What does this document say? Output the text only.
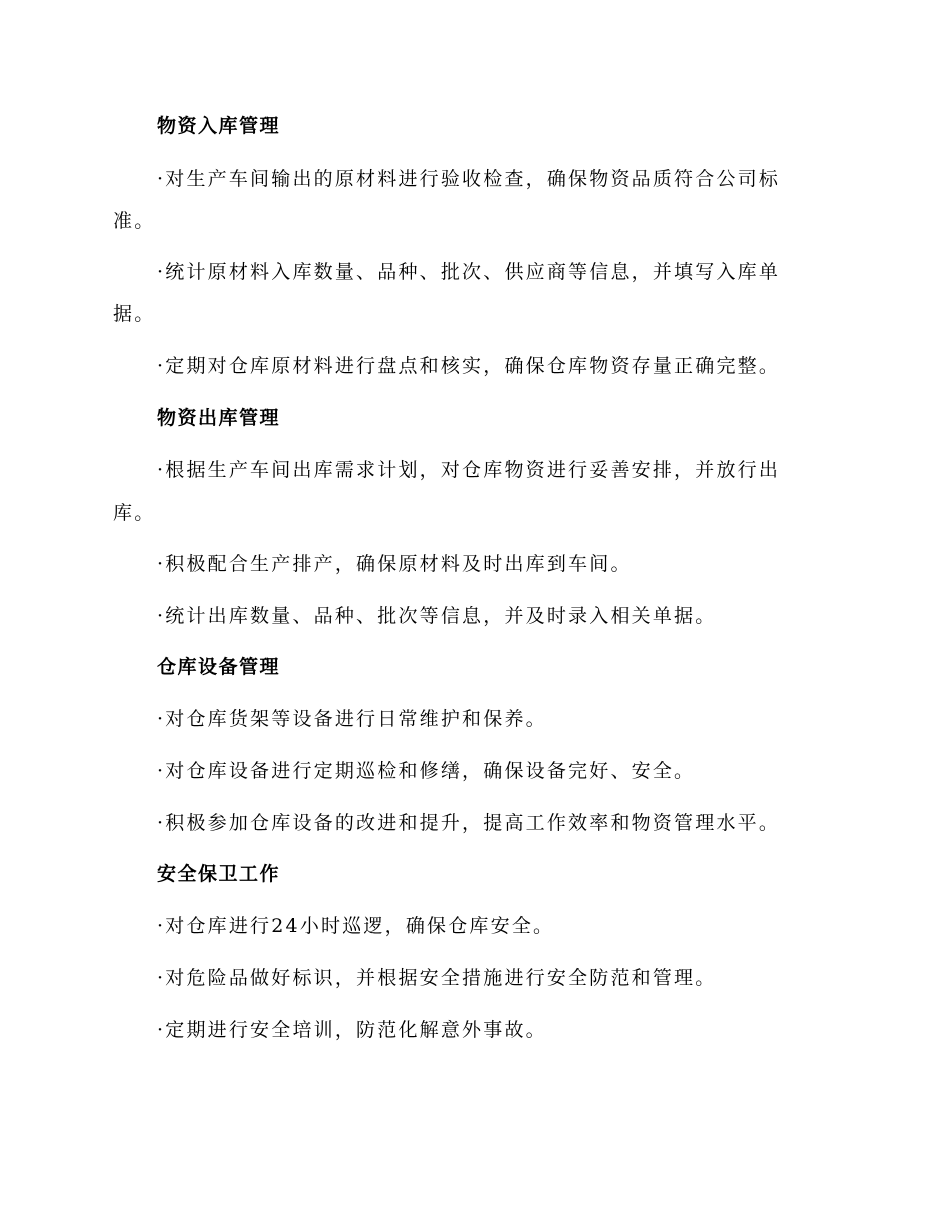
物资入库管理
·对生产车间输出的原材料进行验收检查，确保物资品质符合公司标
准。
·统计原材料入库数量、品种、批次、供应商等信息，并填写入库单
据。
·定期对仓库原材料进行盘点和核实，确保仓库物资存量正确完整。
物资出库管理
·根据生产车间出库需求计划，对仓库物资进行妥善安排，并放行出
库。
·积极配合生产排产，确保原材料及时出库到车间。
·统计出库数量、品种、批次等信息，并及时录入相关单据。
仓库设备管理
·对仓库货架等设备进行日常维护和保养。
·对仓库设备进行定期巡检和修缮，确保设备完好、安全。
·积极参加仓库设备的改进和提升，提高工作效率和物资管理水平。
安全保卫工作
·对仓库进行24小时巡逻，确保仓库安全。
·对危险品做好标识，并根据安全措施进行安全防范和管理。
·定期进行安全培训，防范化解意外事故。
